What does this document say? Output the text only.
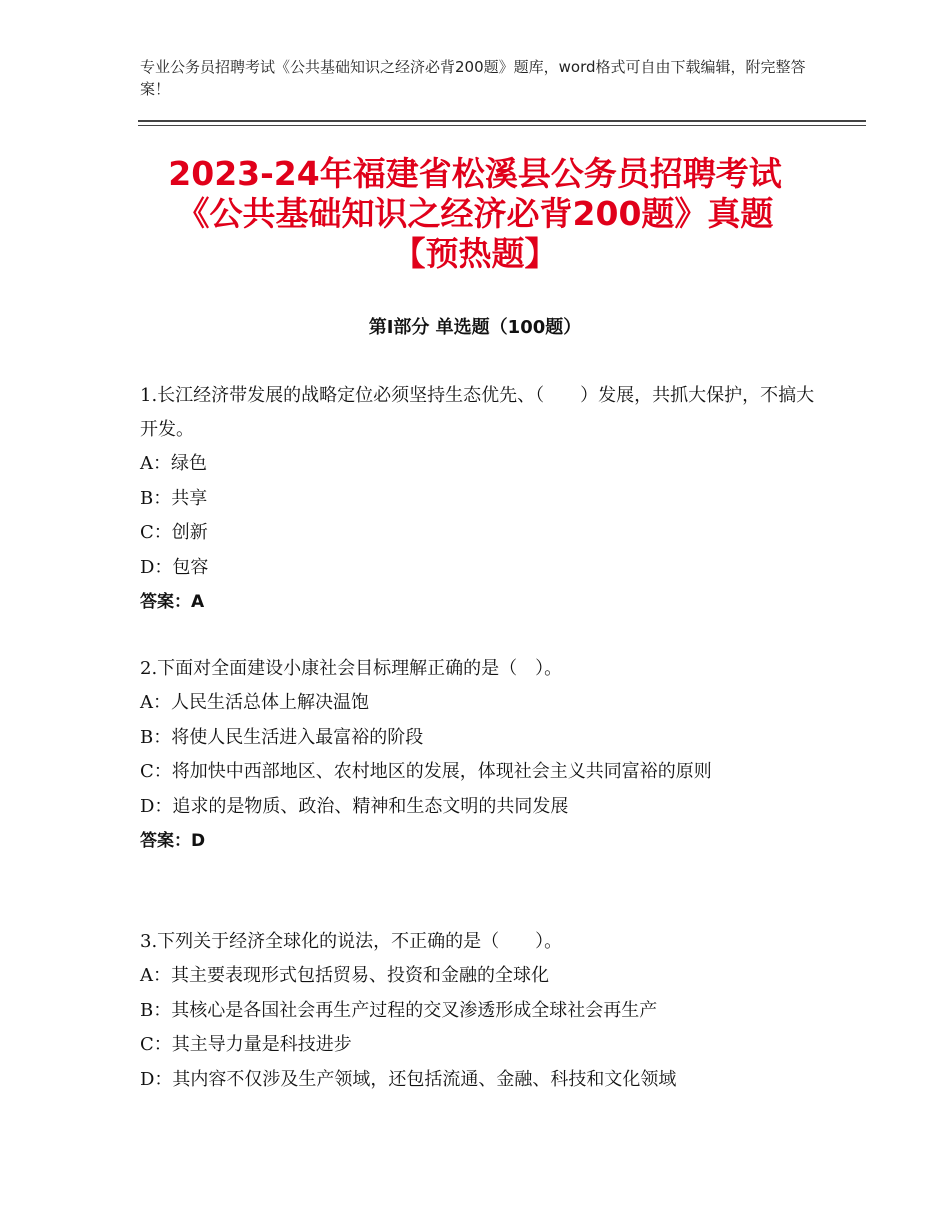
专业公务员招聘考试《公共基础知识之经济必背200题》题库，word格式可自由下载编辑，附完整答案！
2023-24年福建省松溪县公务员招聘考试
《公共基础知识之经济必背200题》真题
【预热题】
第Ⅰ部分 单选题（100题）

1.长江经济带发展的战略定位必须坚持生态优先、（　　）发展，共抓大保护，不搞大开发。

A：绿色

B：共享

C：创新

D：包容

答案：A

2.下面对全面建设小康社会目标理解正确的是（　）。

A：人民生活总体上解决温饱

B：将使人民生活进入最富裕的阶段

C：将加快中西部地区、农村地区的发展，体现社会主义共同富裕的原则

D：追求的是物质、政治、精神和生态文明的共同发展

答案：D

3.下列关于经济全球化的说法，不正确的是（　　）。

A：其主要表现形式包括贸易、投资和金融的全球化

B：其核心是各国社会再生产过程的交叉渗透形成全球社会再生产

C：其主导力量是科技进步

D：其内容不仅涉及生产领域，还包括流通、金融、科技和文化领域
